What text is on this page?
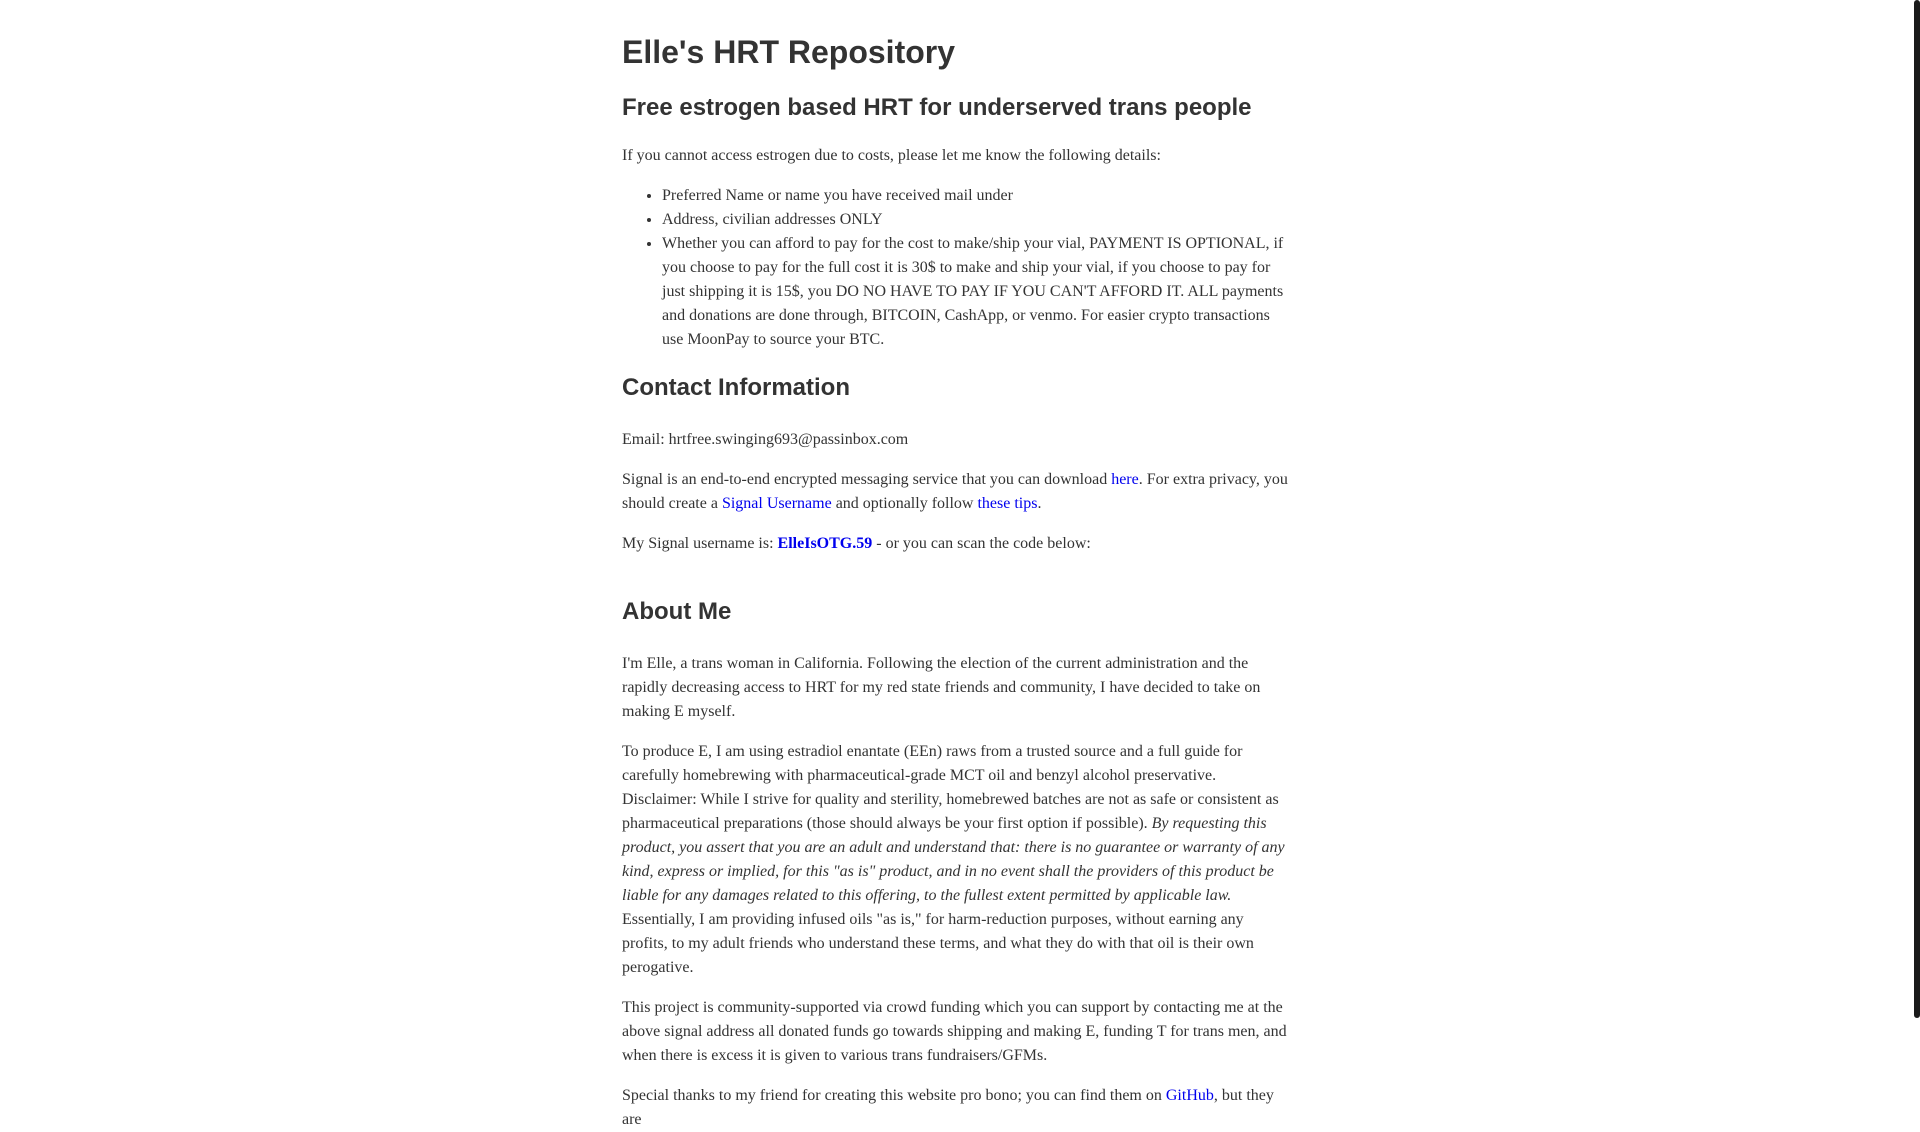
Elle's HRT Repository
Free estrogen based HRT for underserved trans people

If you cannot access estrogen due to costs, please let me know the following details:

• Preferred Name or name you have received mail under
• Address, civilian addresses ONLY
• Whether you can afford to pay for the cost to make/ship your vial, PAYMENT IS OPTIONAL, if you choose to pay for the full cost it is 30$ to make and ship your vial, if you choose to pay for just shipping it is 15$, you DO NO HAVE TO PAY IF YOU CAN'T AFFORD IT. ALL payments and donations are done through, BITCOIN, CashApp, or venmo. For easier crypto transactions use MoonPay to source your BTC.
Contact Information

Email: hrtfree.swinging693@passinbox.com

Signal is an end-to-end encrypted messaging service that you can download here. For extra privacy, you should create a Signal Username and optionally follow these tips.

My Signal username is: ElleIsOTG.59 - or you can scan the code below:

About Me

I'm Elle, a trans woman in California. Following the election of the current administration and the rapidly decreasing access to HRT for my red state friends and community, I have decided to take on making E myself.

To produce E, I am using estradiol enantate (EEn) raws from a trusted source and a full guide for carefully homebrewing with pharmaceutical-grade MCT oil and benzyl alcohol preservative. Disclaimer: While I strive for quality and sterility, homebrewed batches are not as safe or consistent as pharmaceutical preparations (those should always be your first option if possible). By requesting this product, you assert that you are an adult and understand that: there is no guarantee or warranty of any kind, express or implied, for this "as is" product, and in no event shall the providers of this product be liable for any damages related to this offering, to the fullest extent permitted by applicable law. Essentially, I am providing infused oils "as is," for harm-reduction purposes, without earning any profits, to my adult friends who understand these terms, and what they do with that oil is their own perogative.

This project is community-supported via crowd funding which you can support by contacting me at the above signal address all donated funds go towards shipping and making E, funding T for trans men, and when there is excess it is given to various trans fundraisers/GFMs.

Special thanks to my friend for creating this website pro bono; you can find them on GitHub, but they are
